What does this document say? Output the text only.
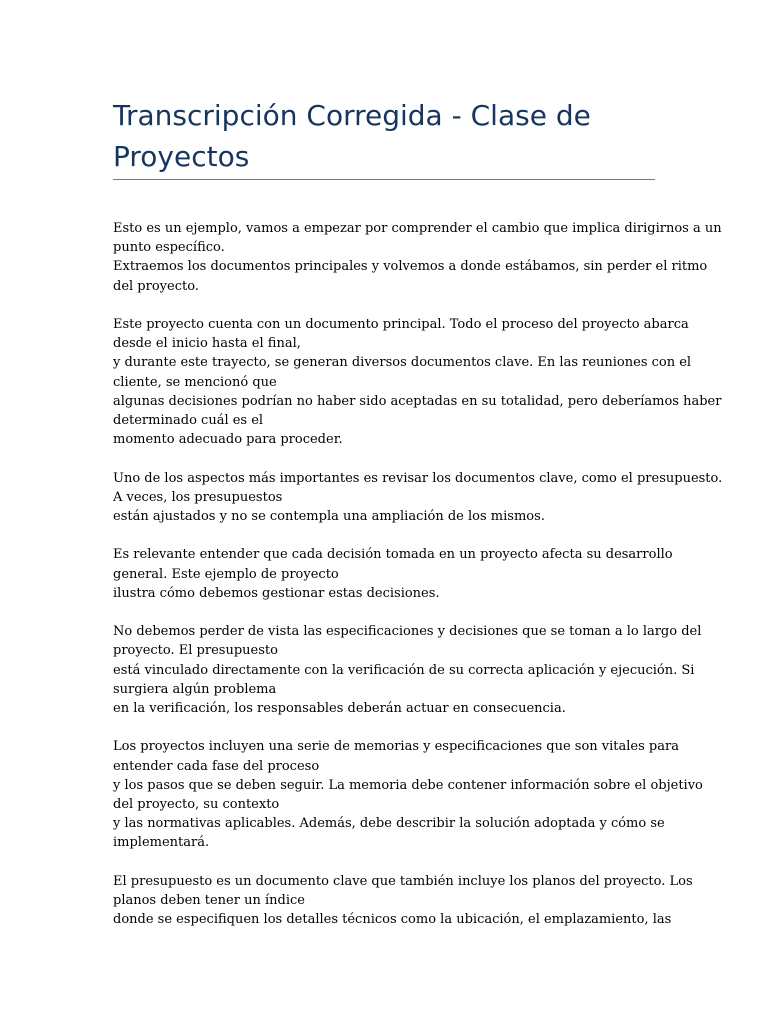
Transcripción Corregida - Clase de
Proyectos

Esto es un ejemplo, vamos a empezar por comprender el cambio que implica dirigirnos a un
punto específico.
Extraemos los documentos principales y volvemos a donde estábamos, sin perder el ritmo
del proyecto.

Este proyecto cuenta con un documento principal. Todo el proceso del proyecto abarca
desde el inicio hasta el final,
y durante este trayecto, se generan diversos documentos clave. En las reuniones con el
cliente, se mencionó que
algunas decisiones podrían no haber sido aceptadas en su totalidad, pero deberíamos haber
determinado cuál es el
momento adecuado para proceder.

Uno de los aspectos más importantes es revisar los documentos clave, como el presupuesto.
A veces, los presupuestos
están ajustados y no se contempla una ampliación de los mismos.

Es relevante entender que cada decisión tomada en un proyecto afecta su desarrollo
general. Este ejemplo de proyecto
ilustra cómo debemos gestionar estas decisiones.

No debemos perder de vista las especificaciones y decisiones que se toman a lo largo del
proyecto. El presupuesto
está vinculado directamente con la verificación de su correcta aplicación y ejecución. Si
surgiera algún problema
en la verificación, los responsables deberán actuar en consecuencia.

Los proyectos incluyen una serie de memorias y especificaciones que son vitales para
entender cada fase del proceso
y los pasos que se deben seguir. La memoria debe contener información sobre el objetivo
del proyecto, su contexto
y las normativas aplicables. Además, debe describir la solución adoptada y cómo se
implementará.

El presupuesto es un documento clave que también incluye los planos del proyecto. Los
planos deben tener un índice
donde se especifiquen los detalles técnicos como la ubicación, el emplazamiento, las
